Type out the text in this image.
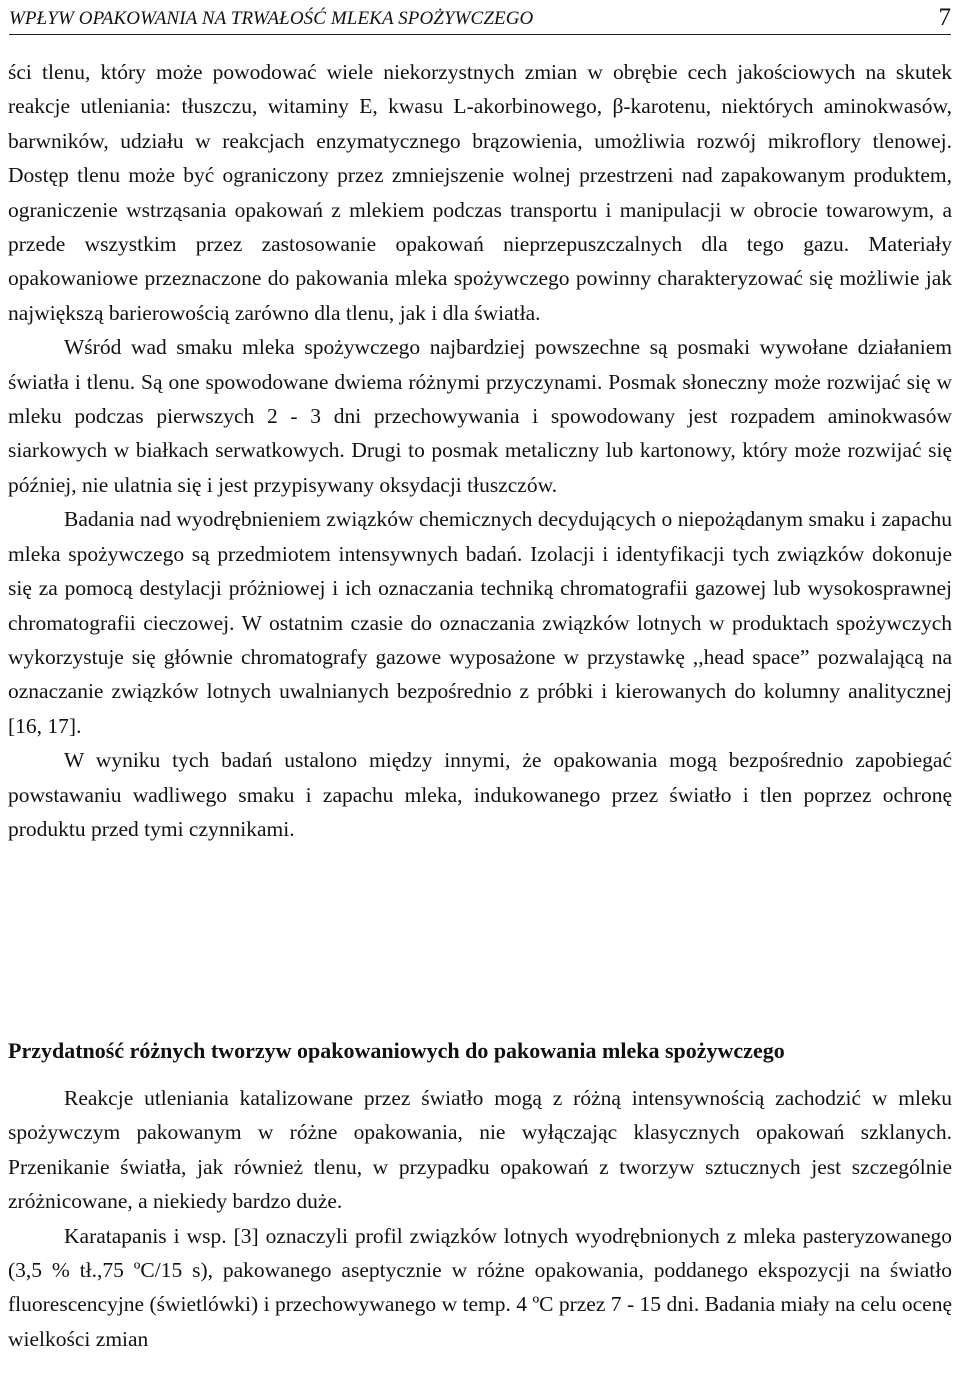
WPŁYW OPAKOWANIA NA TRWAŁOŚĆ MLEKA SPOŻYWCZEGO	7

ści tlenu, który może powodować wiele niekorzystnych zmian w obrębie cech jakościowych na skutek reakcje utleniania: tłuszczu, witaminy E, kwasu L-akorbinowego, β-karotenu, niektórych aminokwasów, barwników, udziału w reakcjach enzymatycznego brązowienia, umożliwia rozwój mikroflory tlenowej. Dostęp tlenu może być ograniczony przez zmniejszenie wolnej przestrzeni nad zapakowanym produktem, ograniczenie wstrząsania opakowań z mlekiem podczas transportu i manipulacji w obrocie towarowym, a przede wszystkim przez zastosowanie opakowań nieprzepuszczalnych dla tego gazu. Materiały opakowaniowe przeznaczone do pakowania mleka spożywczego powinny charakteryzować się możliwie jak największą barierowością zarówno dla tlenu, jak i dla światła.

Wśród wad smaku mleka spożywczego najbardziej powszechne są posmaki wywołane działaniem światła i tlenu. Są one spowodowane dwiema różnymi przyczynami. Posmak słoneczny może rozwijać się w mleku podczas pierwszych 2 - 3 dni przechowywania i spowodowany jest rozpadem aminokwasów siarkowych w białkach serwatkowych. Drugi to posmak metaliczny lub kartonowy, który może rozwijać się później, nie ulatnia się i jest przypisywany oksydacji tłuszczów.

Badania nad wyodrębnieniem związków chemicznych decydujących o niepożądanym smaku i zapachu mleka spożywczego są przedmiotem intensywnych badań. Izolacji i identyfikacji tych związków dokonuje się za pomocą destylacji próżniowej i ich oznaczania techniką chromatografii gazowej lub wysokosprawnej chromatografii cieczowej. W ostatnim czasie do oznaczania związków lotnych w produktach spożywczych wykorzystuje się głównie chromatografy gazowe wyposażone w przystawkę ,,head space” pozwalającą na oznaczanie związków lotnych uwalnianych bezpośrednio z próbki i kierowanych do kolumny analitycznej [16, 17].

W wyniku tych badań ustalono między innymi, że opakowania mogą bezpośrednio zapobiegać powstawaniu wadliwego smaku i zapachu mleka, indukowanego przez światło i tlen poprzez ochronę produktu przed tymi czynnikami.

Przydatność różnych tworzyw opakowaniowych do pakowania mleka spożywczego

Reakcje utleniania katalizowane przez światło mogą z różną intensywnością zachodzić w mleku spożywczym pakowanym w różne opakowania, nie wyłączając klasycznych opakowań szklanych. Przenikanie światła, jak również tlenu, w przypadku opakowań z tworzyw sztucznych jest szczególnie zróżnicowane, a niekiedy bardzo duże.

Karatapanis i wsp. [3] oznaczyli profil związków lotnych wyodrębnionych z mleka pasteryzowanego (3,5 % tł.,75 ºC/15 s), pakowanego aseptycznie w różne opakowania, poddanego ekspozycji na światło fluorescencyjne (świetlówki) i przechowywanego w temp. 4 ºC przez 7 - 15 dni. Badania miały na celu ocenę wielkości zmian
